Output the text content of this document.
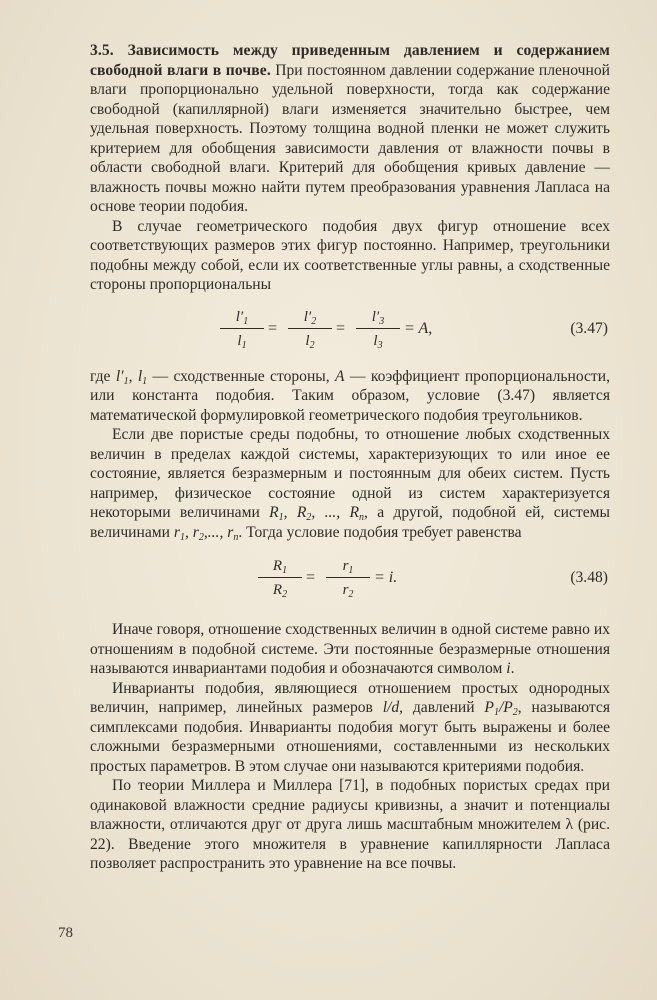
3.5. Зависимость между приведенным давлением и содержанием свободной влаги в почве. При постоянном давлении содержание пленочной влаги пропорционально удельной поверхности, тогда как содержание свободной (капиллярной) влаги изменяется значительно быстрее, чем удельная поверхность. Поэтому толщина водной пленки не может служить критерием для обобщения зависимости давления от влажности почвы в области свободной влаги. Критерий для обобщения кривых давление — влажность почвы можно найти путем преобразования уравнения Лапласа на основе теории подобия.

В случае геометрического подобия двух фигур отношение всех соответствующих размеров этих фигур постоянно. Например, треугольники подобны между собой, если их соответственные углы равны, а сходственные стороны пропорциональны

$l'_1$
$l_1$
=
$l'_2$
$l_2$
=
$l'_3$
$l_3$
= A,	(3.47)

где $l'_1$, $l_1$ — сходственные стороны, A — коэффициент пропорциональности, или константа подобия. Таким образом, условие (3.47) является математической формулировкой геометрического подобия треугольников.

Если две пористые среды подобны, то отношение любых сходственных величин в пределах каждой системы, характеризующих то или иное ее состояние, является безразмерным и постоянным для обеих систем. Пусть например, физическое состояние одной из систем характеризуется некоторыми величинами $R_1$, $R_2$, ..., $R_n$, а другой, подобной ей, системы величинами $r_1$, $r_2$,..., $r_n$. Тогда условие подобия требует равенства

$R_1$
$R_2$
=
$r_1$
$r_2$
= i.	(3.48)

Иначе говоря, отношение сходственных величин в одной системе равно их отношениям в подобной системе. Эти постоянные безразмерные отношения называются инвариантами подобия и обозначаются символом i.

Инварианты подобия, являющиеся отношением простых однородных величин, например, линейных размеров l/d, давлений $P_1/P_2$, называются симплексами подобия. Инварианты подобия могут быть выражены и более сложными безразмерными отношениями, составленными из нескольких простых параметров. В этом случае они называются критериями подобия.

По теории Миллера и Миллера [71], в подобных пористых средах при одинаковой влажности средние радиусы кривизны, а значит и потенциалы влажности, отличаются друг от друга лишь масштабным множителем λ (рис. 22). Введение этого множителя в уравнение капиллярности Лапласа позволяет распространить это уравнение на все почвы.

78
